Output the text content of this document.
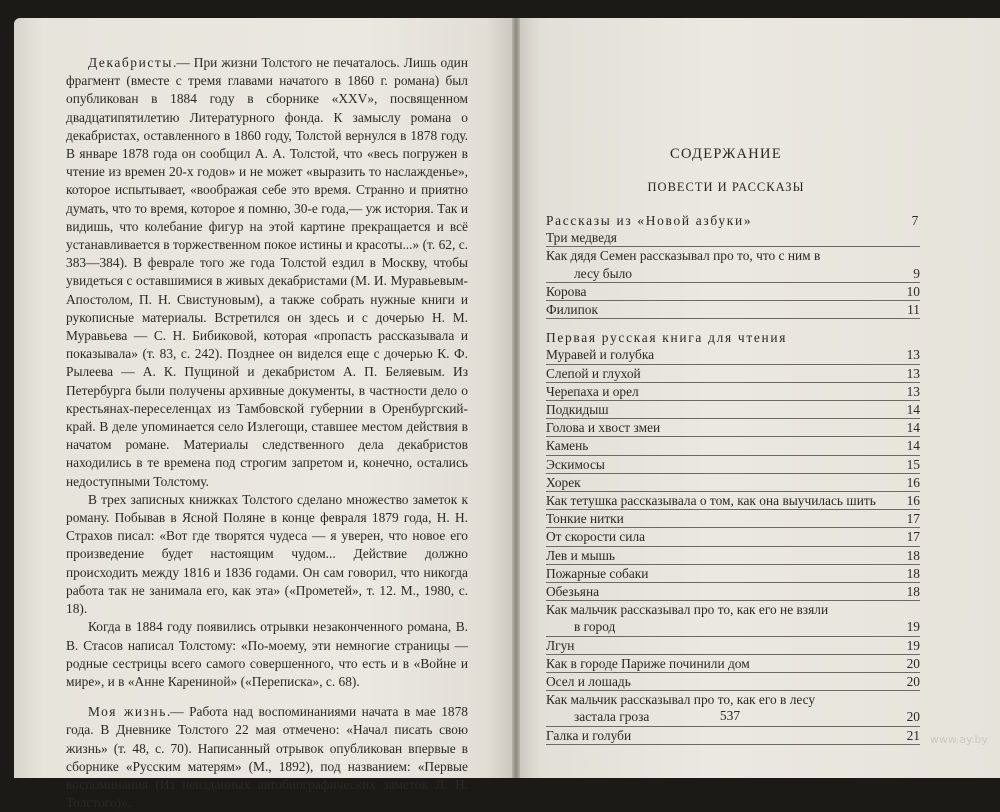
Декабристы.— При жизни Толстого не печаталось. Лишь один фрагмент (вместе с тремя главами начатого в 1860 г. романа) был опубликован в 1884 году в сборнике «XXV», посвященном двадцатипятилетию Литературного фонда. К замыслу романа о декабристах, оставленного в 1860 году, Толстой вернулся в 1878 году. В январе 1878 года он сообщил А. А. Толстой, что «весь погружен в чтение из времен 20-х годов» и не может «выразить то наслажденье», которое испытывает, «воображая себе это время. Странно и приятно думать, что то время, которое я помню, 30-е года,— уж история. Так и видишь, что колебание фигур на этой картине прекращается и всё устанавливается в торжественном покое истины и красоты...» (т. 62, с. 383—384). В феврале того же года Толстой ездил в Москву, чтобы увидеться с оставшимися в живых декабристами (М. И. Муравьевым-Апостолом, П. Н. Свистуновым), а также собрать нужные книги и рукописные материалы. Встретился он здесь и с дочерью Н. М. Муравьева — С. Н. Бибиковой, которая «пропасть рассказывала и показывала» (т. 83, с. 242). Позднее он виделся еще с дочерью К. Ф. Рылеева — А. К. Пущиной и декабристом А. П. Беляевым. Из Петербурга были получены архивные документы, в частности дело о крестьянах-переселенцах из Тамбовской губернии в Оренбургский-край. В деле упоминается село Излегощи, ставшее местом действия в начатом романе. Материалы следственного дела декабристов находились в те времена под строгим запретом и, конечно, остались недоступными Толстому.

В трех записных книжках Толстого сделано множество заметок к роману. Побывав в Ясной Поляне в конце февраля 1879 года, Н. Н. Страхов писал: «Вот где творятся чудеса — я уверен, что новое его произведение будет настоящим чудом... Действие должно происходить между 1816 и 1836 годами. Он сам говорил, что никогда работа так не занимала его, как эта» («Прометей», т. 12. М., 1980, с. 18).

Когда в 1884 году появились отрывки незаконченного романа, В. В. Стасов написал Толстому: «По-моему, эти немногие страницы — родные сестрицы всего самого совершенного, что есть и в «Войне и мире», и в «Анне Карениной» («Переписка», с. 68).

Моя жизнь.— Работа над воспоминаниями начата в мае 1878 года. В Дневнике Толстого 22 мая отмечено: «Начал писать свою жизнь» (т. 48, с. 70). Написанный отрывок опубликован впервые в сборнике «Русским матерям» (М., 1892), под названием: «Первые воспоминания (Из неизданных автобиографических заметок Л. Н. Толстого)».

СОДЕРЖАНИЕ
ПОВЕСТИ И РАССКАЗЫ
Рассказы из «Новой азбуки»	7
Три медведя
Как дядя Семен рассказывал про то, что с ним в
лесу было	9
Корова	10
Филипок	11
Первая русская книга для чтения
Муравей и голубка	13
Слепой и глухой	13
Черепаха и орел	13
Подкидыш	14
Голова и хвост змеи	14
Камень	14
Эскимосы	15
Хорек	16
Как тетушка рассказывала о том, как она выучилась шить	16
Тонкие нитки	17
От скорости сила	17
Лев и мышь	18
Пожарные собаки	18
Обезьяна	18
Как мальчик рассказывал про то, как его не взяли
в город	19
Лгун	19
Как в городе Париже починили дом	20
Осел и лошадь	20
Как мальчик рассказывал про то, как его в лесу
застала гроза	20
Галка и голуби	21
537
www.ay.by
